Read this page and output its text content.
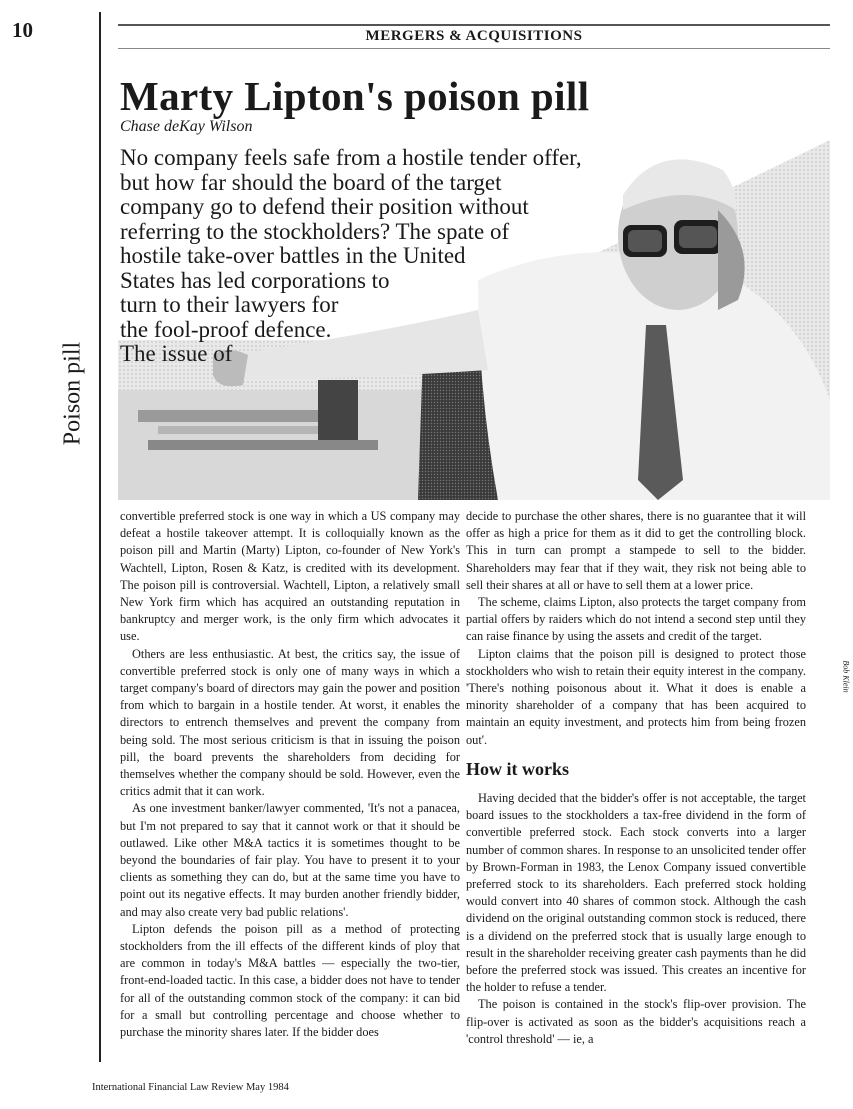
10	MERGERS & ACQUISITIONS
Poison pill
Marty Lipton's poison pill
Chase deKay Wilson
No company feels safe from a hostile tender offer,
but how far should the board of the target
company go to defend their position without
referring to the stockholders? The spate of
hostile take-over battles in the United
States has led corporations to
turn to their lawyers for
the fool-proof defence.
The issue of
Bob Klein

convertible preferred stock is one way in which a US company may defeat a hostile takeover attempt. It is colloquially known as the poison pill and Martin (Marty) Lipton, co-founder of New York's Wachtell, Lipton, Rosen & Katz, is credited with its development. The poison pill is controversial. Wachtell, Lipton, a relatively small New York firm which has acquired an outstanding reputation in bankruptcy and merger work, is the only firm which advocates it use.

Others are less enthusiastic. At best, the critics say, the issue of convertible preferred stock is only one of many ways in which a target company's board of directors may gain the power and position from which to bargain in a hostile tender. At worst, it enables the directors to entrench themselves and prevent the company from being sold. The most serious criticism is that in issuing the poison pill, the board prevents the shareholders from deciding for themselves whether the company should be sold. However, even the critics admit that it can work.

As one investment banker/lawyer commented, 'It's not a panacea, but I'm not prepared to say that it cannot work or that it should be outlawed. Like other M&A tactics it is sometimes thought to be beyond the boundaries of fair play. You have to present it to your clients as something they can do, but at the same time you have to point out its negative effects. It may burden another friendly bidder, and may also create very bad public relations'.

Lipton defends the poison pill as a method of protecting stockholders from the ill effects of the different kinds of ploy that are common in today's M&A battles — especially the two-tier, front-end-loaded tactic. In this case, a bidder does not have to tender for all of the outstanding common stock of the company: it can bid for a small but controlling percentage and choose whether to purchase the minority shares later. If the bidder does

decide to purchase the other shares, there is no guarantee that it will offer as high a price for them as it did to get the controlling block. This in turn can prompt a stampede to sell to the bidder. Shareholders may fear that if they wait, they risk not being able to sell their shares at all or have to sell them at a lower price.

The scheme, claims Lipton, also protects the target company from partial offers by raiders which do not intend a second step until they can raise finance by using the assets and credit of the target.

Lipton claims that the poison pill is designed to protect those stockholders who wish to retain their equity interest in the company. 'There's nothing poisonous about it. What it does is enable a minority shareholder of a company that has been acquired to maintain an equity investment, and protects him from being frozen out'.

How it works

Having decided that the bidder's offer is not acceptable, the target board issues to the stockholders a tax-free dividend in the form of convertible preferred stock. Each stock converts into a larger number of common shares. In response to an unsolicited tender offer by Brown-Forman in 1983, the Lenox Company issued convertible preferred stock to its shareholders. Each preferred stock holding would convert into 40 shares of common stock. Although the cash dividend on the original outstanding common stock is reduced, there is a dividend on the preferred stock that is usually large enough to result in the shareholder receiving greater cash payments than he did before the preferred stock was issued. This creates an incentive for the holder to refuse a tender.

The poison is contained in the stock's flip-over provision. The flip-over is activated as soon as the bidder's acquisitions reach a 'control threshold' — ie, a

International Financial Law Review May 1984
